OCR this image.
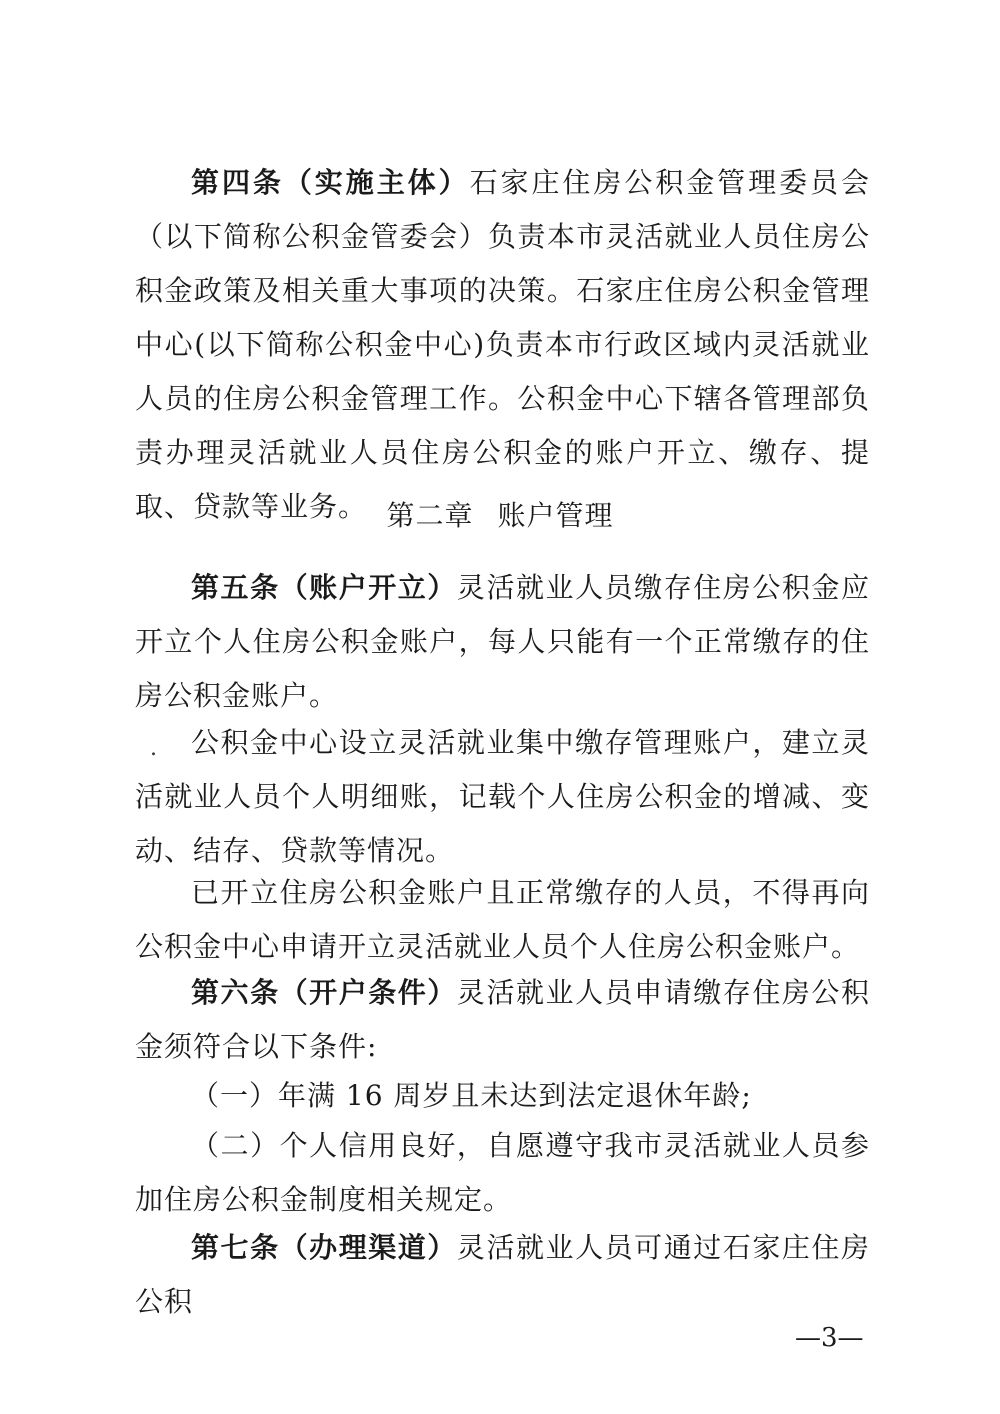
第四条（实施主体）石家庄住房公积金管理委员会（以下简称公积金管委会）负责本市灵活就业人员住房公积金政策及相关重大事项的决策。石家庄住房公积金管理中心(以下简称公积金中心)负责本市行政区域内灵活就业人员的住房公积金管理工作。公积金中心下辖各管理部负责办理灵活就业人员住房公积金的账户开立、缴存、提取、贷款等业务。 第二章 账户管理

第五条（账户开立）灵活就业人员缴存住房公积金应开立个人住房公积金账户，每人只能有一个正常缴存的住房公积金账户。

.	公积金中心设立灵活就业集中缴存管理账户，建立灵活就业人员个人明细账，记载个人住房公积金的增减、变动、结存、贷款等情况。

已开立住房公积金账户且正常缴存的人员，不得再向公积金中心申请开立灵活就业人员个人住房公积金账户。

第六条（开户条件）灵活就业人员申请缴存住房公积金须符合以下条件:

（一）年满 16 周岁且未达到法定退休年龄;

（二）个人信用良好，自愿遵守我市灵活就业人员参加住房公积金制度相关规定。

第七条（办理渠道）灵活就业人员可通过石家庄住房公积

—3—
